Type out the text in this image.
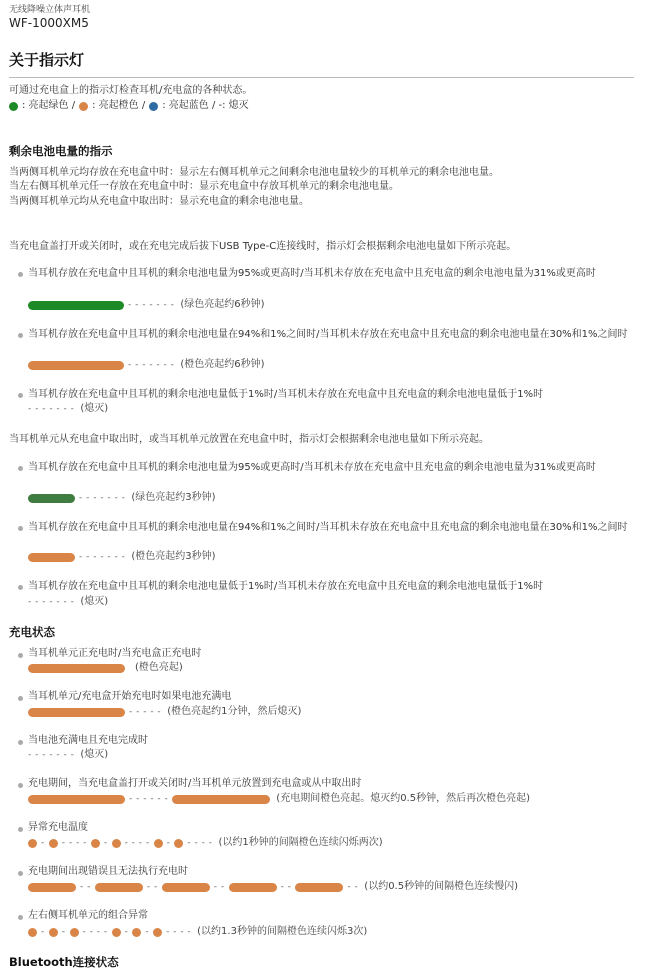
无线降噪立体声耳机
WF-1000XM5
关于指示灯
可通过充电盒上的指示灯检查耳机/充电盒的各种状态。
: 亮起绿色 / : 亮起橙色 / : 亮起蓝色 / -: 熄灭
剩余电池电量的指示
当两侧耳机单元均存放在充电盒中时：显示左右侧耳机单元之间剩余电池电量较少的耳机单元的剩余电池电量。
当左右侧耳机单元任一存放在充电盒中时：显示充电盒中存放耳机单元的剩余电池电量。
当两侧耳机单元均从充电盒中取出时：显示充电盒的剩余电池电量。
当充电盒盖打开或关闭时，或在充电完成后拔下USB Type-C连接线时，指示灯会根据剩余电池电量如下所示亮起。
当耳机存放在充电盒中且耳机的剩余电池电量为95%或更高时/当耳机未存放在充电盒中且充电盒的剩余电池电量为31%或更高时
- - - - - - - (绿色亮起约6秒钟)
当耳机存放在充电盒中且耳机的剩余电池电量在94%和1%之间时/当耳机未存放在充电盒中且充电盒的剩余电池电量在30%和1%之间时
- - - - - - - (橙色亮起约6秒钟)
当耳机存放在充电盒中且耳机的剩余电池电量低于1%时/当耳机未存放在充电盒中且充电盒的剩余电池电量低于1%时
- - - - - - - (熄灭)
当耳机单元从充电盒中取出时，或当耳机单元放置在充电盒中时，指示灯会根据剩余电池电量如下所示亮起。
当耳机存放在充电盒中且耳机的剩余电池电量为95%或更高时/当耳机未存放在充电盒中且充电盒的剩余电池电量为31%或更高时
- - - - - - - (绿色亮起约3秒钟)
当耳机存放在充电盒中且耳机的剩余电池电量在94%和1%之间时/当耳机未存放在充电盒中且充电盒的剩余电池电量在30%和1%之间时
- - - - - - - (橙色亮起约3秒钟)
当耳机存放在充电盒中且耳机的剩余电池电量低于1%时/当耳机未存放在充电盒中且充电盒的剩余电池电量低于1%时
- - - - - - - (熄灭)
充电状态
当耳机单元正充电时/当充电盒正充电时
(橙色亮起)
当耳机单元/充电盒开始充电时如果电池充满电
- - - - - (橙色亮起约1分钟，然后熄灭)
当电池充满电且充电完成时
- - - - - - - (熄灭)
充电期间，当充电盒盖打开或关闭时/当耳机单元放置到充电盒或从中取出时
- - - - - -	(充电期间橙色亮起。熄灭约0.5秒钟，然后再次橙色亮起)
异常充电温度
- - - - - - - - - - - - - - - (以约1秒钟的间隔橙色连续闪烁两次)
充电期间出现错误且无法执行充电时
- -	- -	- -	- -	- - (以约0.5秒钟的间隔橙色连续慢闪)
左右侧耳机单元的组合异常
- - - - - - - - - - - - (以约1.3秒钟的间隔橙色连续闪烁3次)
Bluetooth连接状态
